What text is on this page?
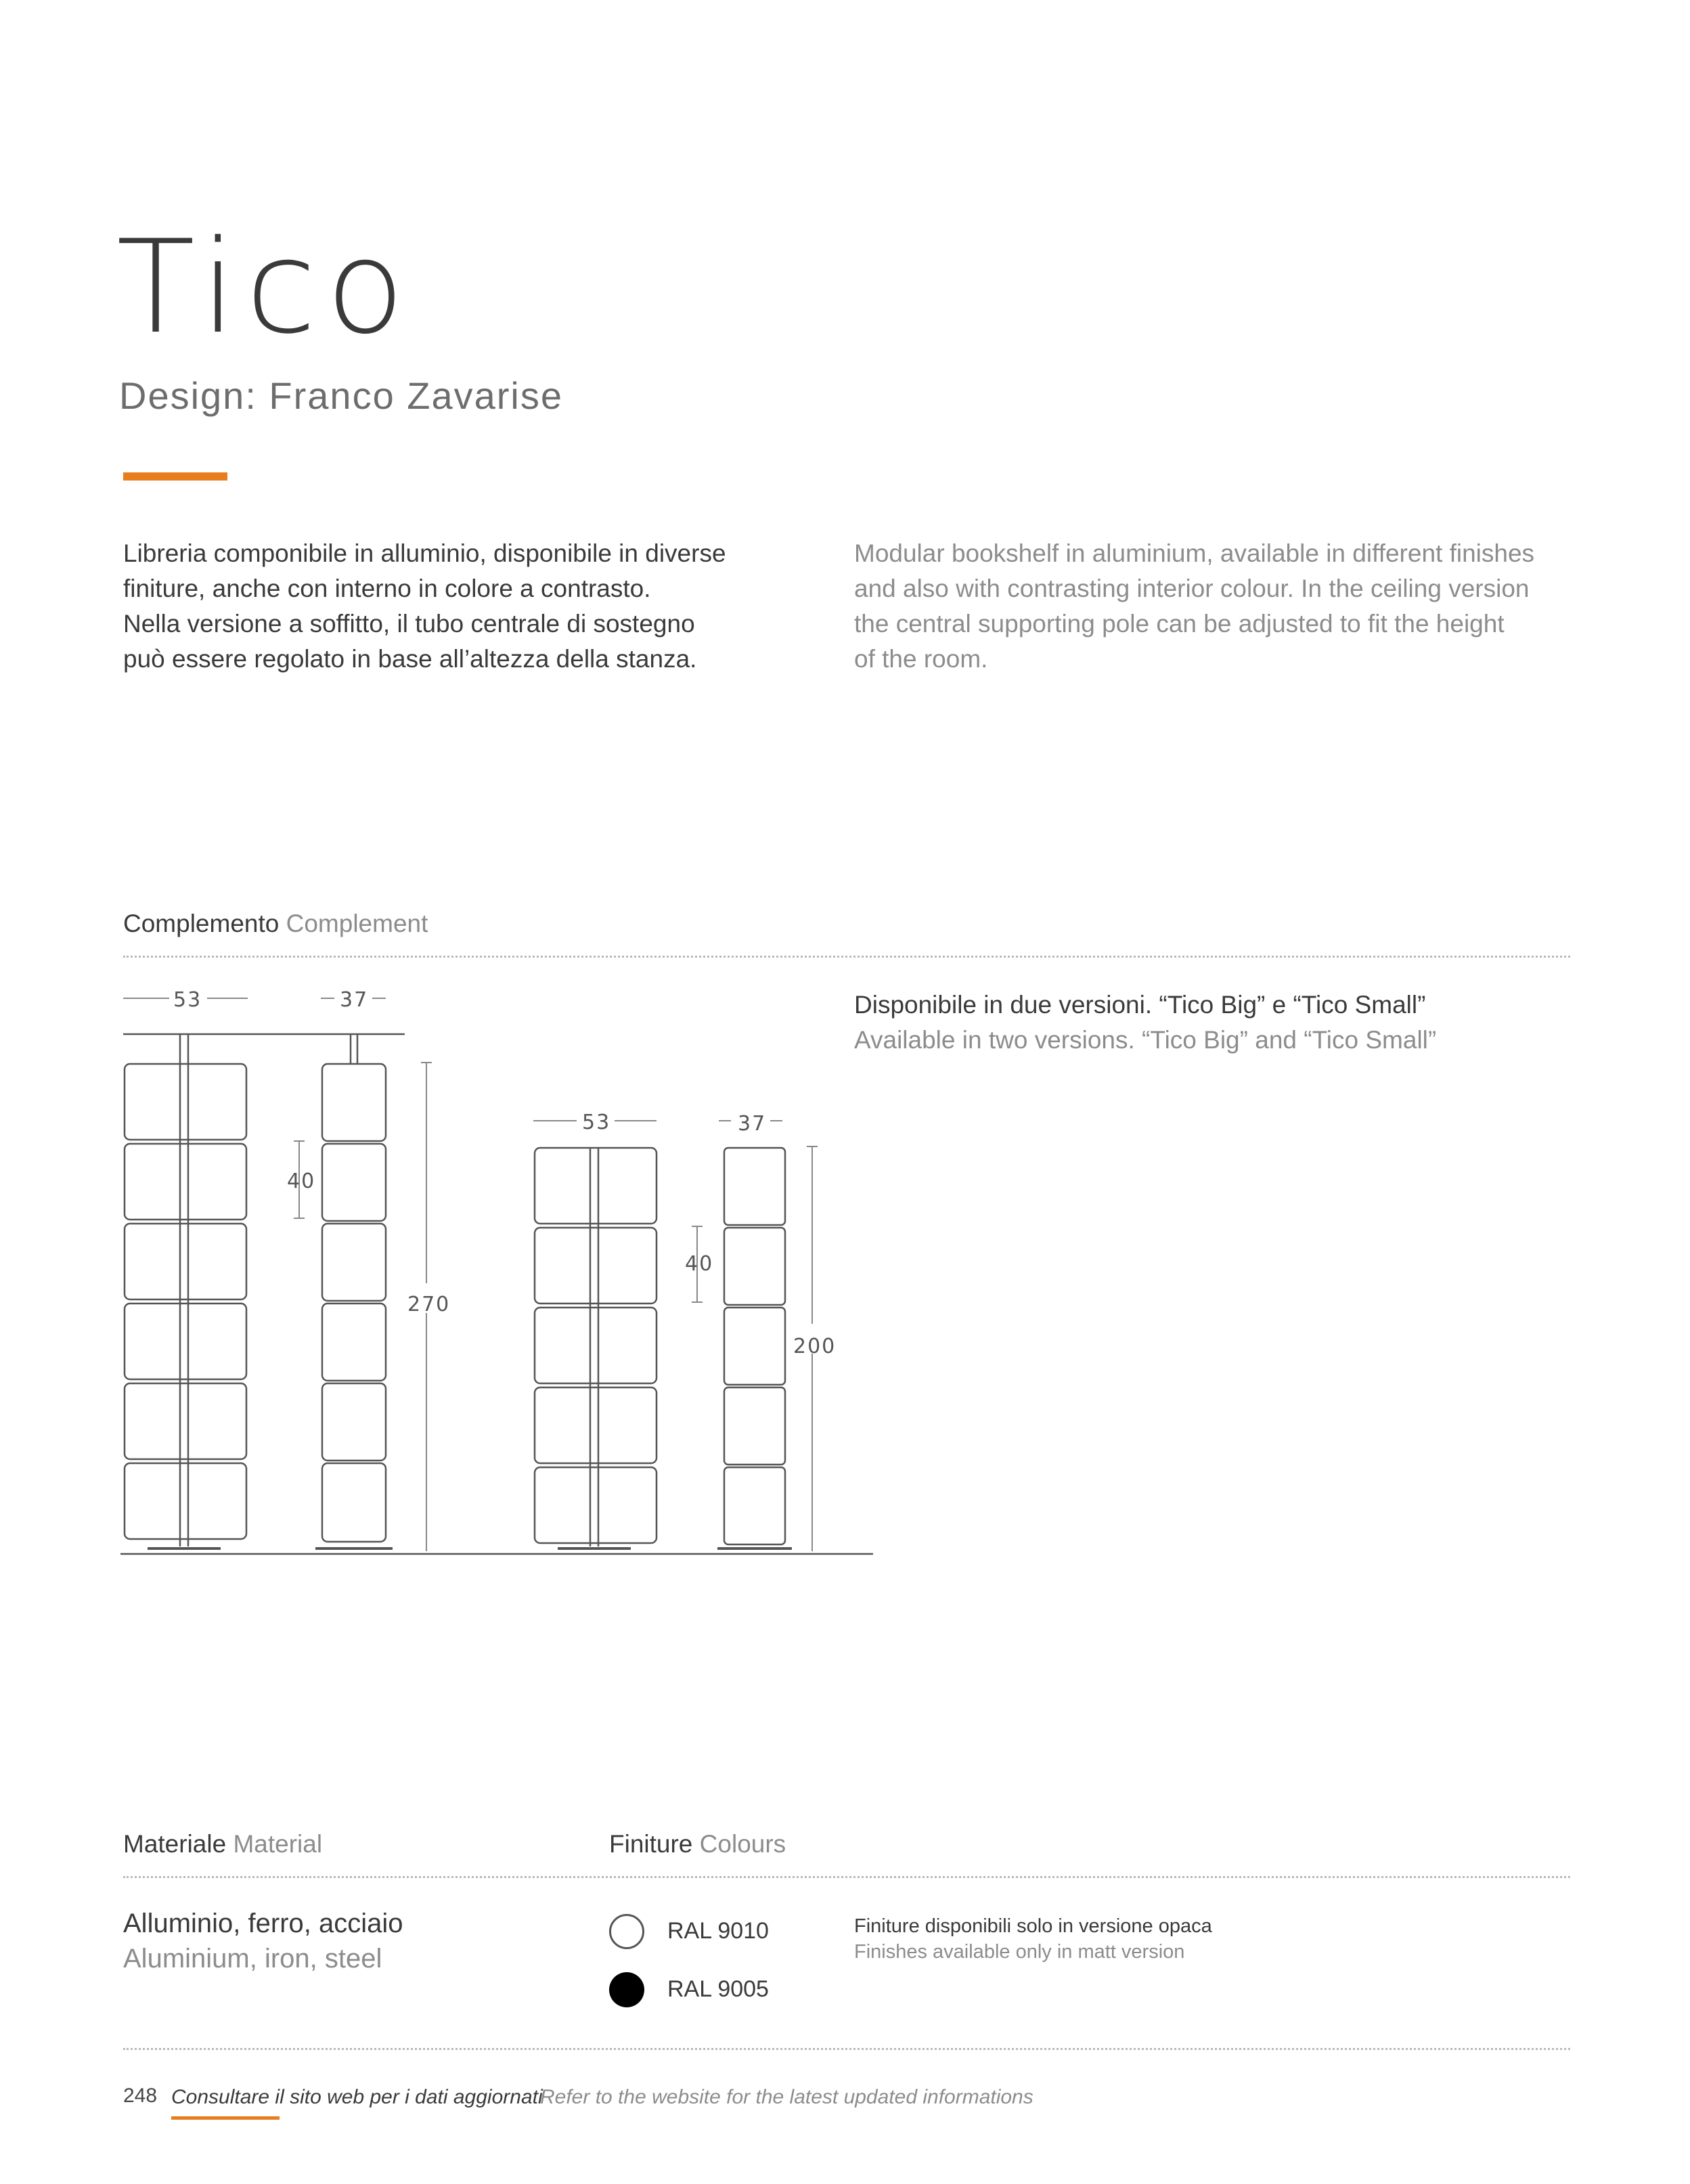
Tico
Design: Franco Zavarise
Libreria componibile in alluminio, disponibile in diverse
finiture, anche con interno in colore a contrasto.
Nella versione a soffitto, il tubo centrale di sostegno
può essere regolato in base all’altezza della stanza.
Modular bookshelf in aluminium, available in different finishes
and also with contrasting interior colour. In the ceiling version
the central supporting pole can be adjusted to fit the height
of the room.
Complemento Complement
Disponibile in due versioni. “Tico Big” e “Tico Small”
Available in two versions. “Tico Big” and “Tico Small”
53	37
40
270
53	37
40
200
Materiale Material	Finiture Colours
Alluminio, ferro, acciaio
Aluminium, iron, steel
RAL 9010
RAL 9005
Finiture disponibili solo in versione opaca
Finishes available only in matt version
248 Consultare il sito web per i dati aggiornati
Refer to the website for the latest updated informations
